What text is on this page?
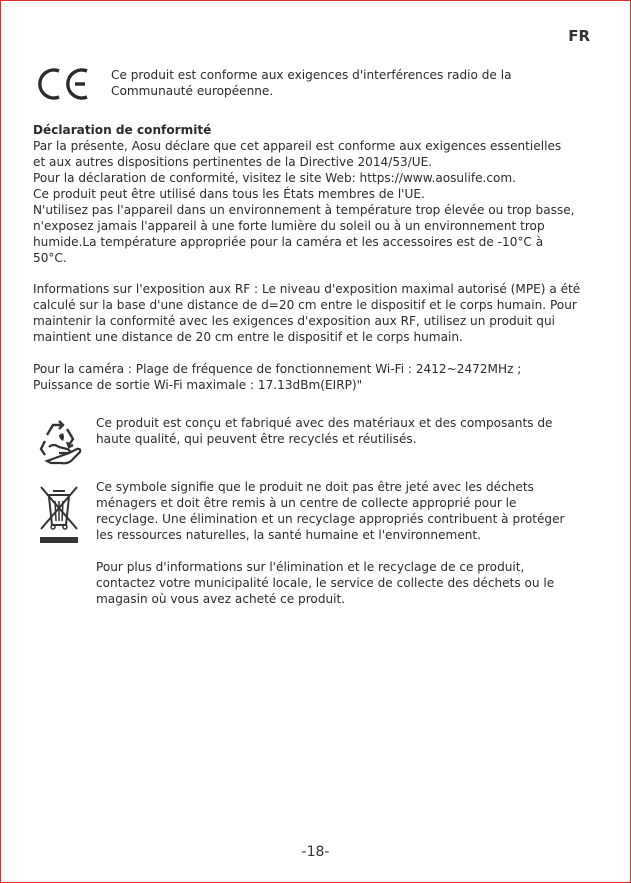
FR
Ce produit est conforme aux exigences d'interférences radio de la Communauté européenne.
Déclaration de conformité
Par la présente, Aosu déclare que cet appareil est conforme aux exigences essentielles
et aux autres dispositions pertinentes de la Directive 2014/53/UE.
Pour la déclaration de conformité, visitez le site Web: https://www.aosulife.com.
Ce produit peut être utilisé dans tous les États membres de l'UE.
N'utilisez pas l'appareil dans un environnement à température trop élevée ou trop basse,
n'exposez jamais l'appareil à une forte lumière du soleil ou à un environnement trop
humide.La température appropriée pour la caméra et les accessoires est de -10°C à
50°C.
Informations sur l'exposition aux RF : Le niveau d'exposition maximal autorisé (MPE) a été
calculé sur la base d'une distance de d=20 cm entre le dispositif et le corps humain. Pour
maintenir la conformité avec les exigences d'exposition aux RF, utilisez un produit qui
maintient une distance de 20 cm entre le dispositif et le corps humain.
Pour la caméra : Plage de fréquence de fonctionnement Wi-Fi : 2412~2472MHz ;
Puissance de sortie Wi-Fi maximale : 17.13dBm(EIRP)"
Ce produit est conçu et fabriqué avec des matériaux et des composants de
haute qualité, qui peuvent être recyclés et réutilisés.
Ce symbole signifie que le produit ne doit pas être jeté avec les déchets
ménagers et doit être remis à un centre de collecte approprié pour le
recyclage. Une élimination et un recyclage appropriés contribuent à protéger
les ressources naturelles, la santé humaine et l'environnement.
Pour plus d'informations sur l'élimination et le recyclage de ce produit,
contactez votre municipalité locale, le service de collecte des déchets ou le
magasin où vous avez acheté ce produit.
-18-
